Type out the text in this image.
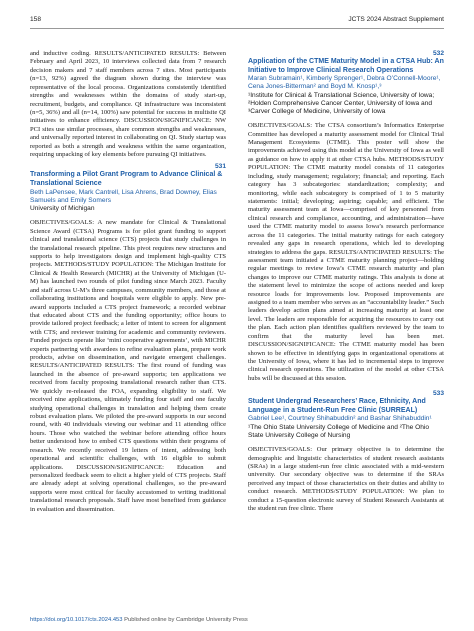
158	JCTS 2024 Abstract Supplement

and inductive coding. RESULTS/ANTICIPATED RESULTS: Between February and April 2023, 10 interviews collected data from 7 research decision makers and 7 staff members across 7 sites. Most participants (n=13, 92%) agreed the diagram shown during the interview was representative of the local process. Organizations consistently identified strengths and weaknesses within the domains of study start-up, recruitment, budgets, and compliance. QI infrastructure was inconsistent (n=5, 36%) and all (n=14, 100%) saw potential for success in multisite QI initiatives to enhance efficiency. DISCUSSION/SIGNIFICANCE: NW PCI sites use similar processes, share common strengths and weaknesses, and universally reported interest in collaborating on QI. Study startup was reported as both a strength and weakness within the same organization, requiring unpacking of key elements before pursuing QI initiatives.

531

Transforming a Pilot Grant Program to Advance Clinical & Translational Science

Beth LaPensee, Mark Cantrell, Lisa Ahrens, Brad Downey, Elias Samuels and Emily Somers

University of Michigan

OBJECTIVES/GOALS: A new mandate for Clinical & Translational Science Award (CTSA) Programs is for pilot grant funding to support clinical and translational science (CTS) projects that study challenges in the translational research pipeline. This pivot requires new structures and supports to help investigators design and implement high-quality CTS projects. METHODS/STUDY POPULATION: The Michigan Institute for Clinical & Health Research (MICHR) at the University of Michigan (U-M) has launched two rounds of pilot funding since March 2023. Faculty and staff across U-M’s three campuses, community members, and those at collaborating institutions and hospitals were eligible to apply. New pre-award supports included a CTS project framework; a recorded webinar that educated about CTS and the funding opportunity; office hours to provide tailored project feedback; a letter of intent to screen for alignment with CTS; and reviewer training for academic and community reviewers. Funded projects operate like ‘mini cooperative agreements’, with MICHR experts partnering with awardees to refine evaluation plans, prepare work products, advise on dissemination, and navigate emergent challenges. RESULTS/ANTICIPATED RESULTS: The first round of funding was launched in the absence of pre-award supports; ten applications we received from faculty proposing translational research rather than CTS. We quickly re-released the FOA, expanding eligibility to staff. We received nine applications, ultimately funding four staff and one faculty studying operational challenges in translation and helping them create robust evaluation plans. We piloted the pre-award supports in our second round, with 40 individuals viewing our webinar and 11 attending office hours. Those who watched the webinar before attending office hours better understood how to embed CTS questions within their programs of research. We recently received 19 letters of intent, addressing both operational and scientific challenges, with 16 eligible to submit applications. DISCUSSION/SIGNIFICANCE: Education and personalized feedback seem to elicit a higher yield of CTS projects. Staff are already adept at solving operational challenges, so the pre-award supports were most critical for faculty accustomed to writing traditional translational research proposals. Staff have most benefited from guidance in evaluation and dissemination.

532

Application of the CTME Maturity Model in a CTSA Hub: An Initiative to Improve Clinical Research Operations

Maran Subramain¹, Kimberly Sprenger¹, Debra O’Connell-Moore¹, Cena Jones-Bitterman² and Boyd M. Knosp¹,³

¹Institute for Clinical & Translational Science, University of Iowa;

²Holden Comprehensive Cancer Center, University of Iowa and

³Carver College of Medicine, University of Iowa

OBJECTIVES/GOALS: The CTSA consortium’s Informatics Enterprise Committee has developed a maturity assessment model for Clinical Trial Management Ecosystems (CTME). This poster will show the improvements achieved using this model at the University of Iowa as well as guidance on how to apply it at other CTSA hubs. METHODS/STUDY POPULATION: The CTME maturity model consists of 11 categories including, study management; regulatory; financial; and reporting. Each category has 3 subcategories: standardization; complexity; and monitoring, while each subcategory is comprised of 1 to 5 maturity statements: initial; developing; aspiring; capable; and efficient. The maturity assessment team at Iowa—comprised of key personnel from clinical research and compliance, accounting, and administration—have used the CTME maturity model to assess Iowa’s research performance across the 11 categories. The initial maturity ratings for each category revealed any gaps in research operations, which led to developing strategies to address the gaps. RESULTS/ANTICIPATED RESULTS: The assessment team initiated a CTME maturity planning project—holding regular meetings to review Iowa’s CTME research maturity and plan changes to improve our CTME maturity ratings. This analysis is done at the statement level to minimize the scope of actions needed and keep resource loads for improvements low. Proposed improvements are assigned to a team member who serves as an “accountability leader.” Such leaders develop action plans aimed at increasing maturity at least one level. The leaders are responsible for acquiring the resources to carry out the plan. Each action plan identifies qualifiers reviewed by the team to confirm that the maturity level has been met. DISCUSSION/SIGNIFICANCE: The CTME maturity model has been shown to be effective in identifying gaps in organizational operations at the University of Iowa, where it has led to incremental steps to improve clinical research operations. The utilization of the model at other CTSA hubs will be discussed at this session.

533

Student Undergrad Researchers’ Race, Ethnicity, And Language in a Student-Run Free Clinic (SURREAL)

Gabriel Lee¹, Courtney Shihabuddin² and Bashar Shihabuddin¹

¹The Ohio State University College of Medicine and ²The Ohio State University College of Nursing

OBJECTIVES/GOALS: Our primary objective is to determine the demographic and linguistic characteristics of student research assistants (SRAs) in a large student-run free clinic associated with a mid-western university. Our secondary objective was to determine if the SRAs perceived any impact of those characteristics on their duties and ability to conduct research. METHODS/STUDY POPULATION: We plan to conduct a 15-question electronic survey of Student Research Assistants at the student run free clinic. There

https://doi.org/10.1017/cts.2024.453 Published online by Cambridge University Press
